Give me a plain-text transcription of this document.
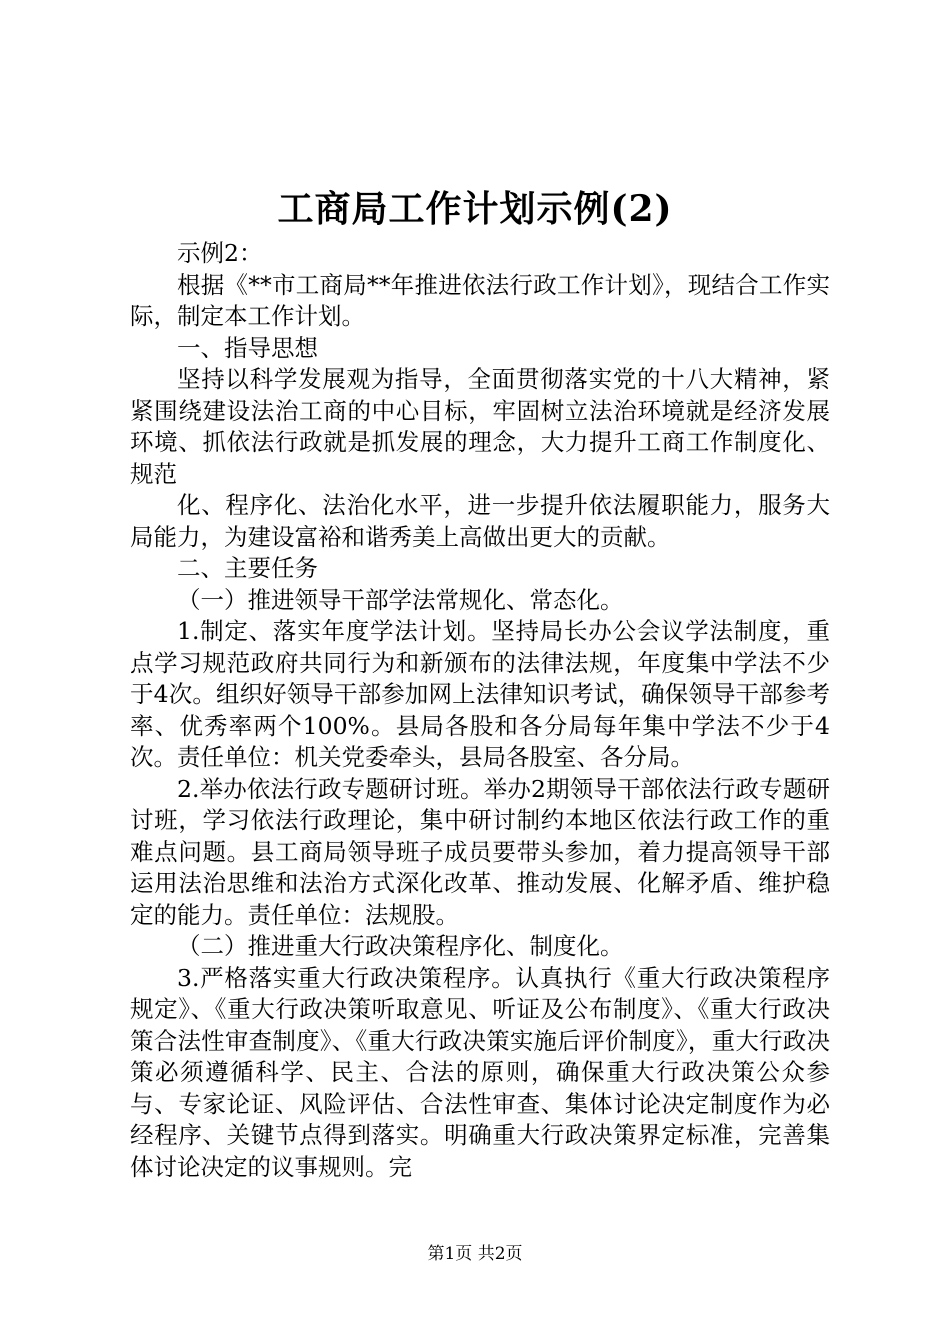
工商局工作计划示例(2)

示例2：

根据《**市工商局**年推进依法行政工作计划》，现结合工作实际，制定本工作计划。

一、指导思想

坚持以科学发展观为指导，全面贯彻落实党的十八大精神，紧紧围绕建设法治工商的中心目标，牢固树立法治环境就是经济发展环境、抓依法行政就是抓发展的理念，大力提升工商工作制度化、规范

化、程序化、法治化水平，进一步提升依法履职能力，服务大局能力，为建设富裕和谐秀美上高做出更大的贡献。

二、主要任务

（一）推进领导干部学法常规化、常态化。

1.制定、落实年度学法计划。坚持局长办公会议学法制度，重点学习规范政府共同行为和新颁布的法律法规，年度集中学法不少于4次。组织好领导干部参加网上法律知识考试，确保领导干部参考率、优秀率两个100%。县局各股和各分局每年集中学法不少于4次。责任单位：机关党委牵头，县局各股室、各分局。

2.举办依法行政专题研讨班。举办2期领导干部依法行政专题研讨班，学习依法行政理论，集中研讨制约本地区依法行政工作的重难点问题。县工商局领导班子成员要带头参加，着力提高领导干部运用法治思维和法治方式深化改革、推动发展、化解矛盾、维护稳定的能力。责任单位：法规股。

（二）推进重大行政决策程序化、制度化。

3.严格落实重大行政决策程序。认真执行《重大行政决策程序规定》、《重大行政决策听取意见、听证及公布制度》、《重大行政决策合法性审查制度》、《重大行政决策实施后评价制度》，重大行政决策必须遵循科学、民主、合法的原则，确保重大行政决策公众参与、专家论证、风险评估、合法性审查、集体讨论决定制度作为必经程序、关键节点得到落实。明确重大行政决策界定标准，完善集体讨论决定的议事规则。完

第1页 共2页
